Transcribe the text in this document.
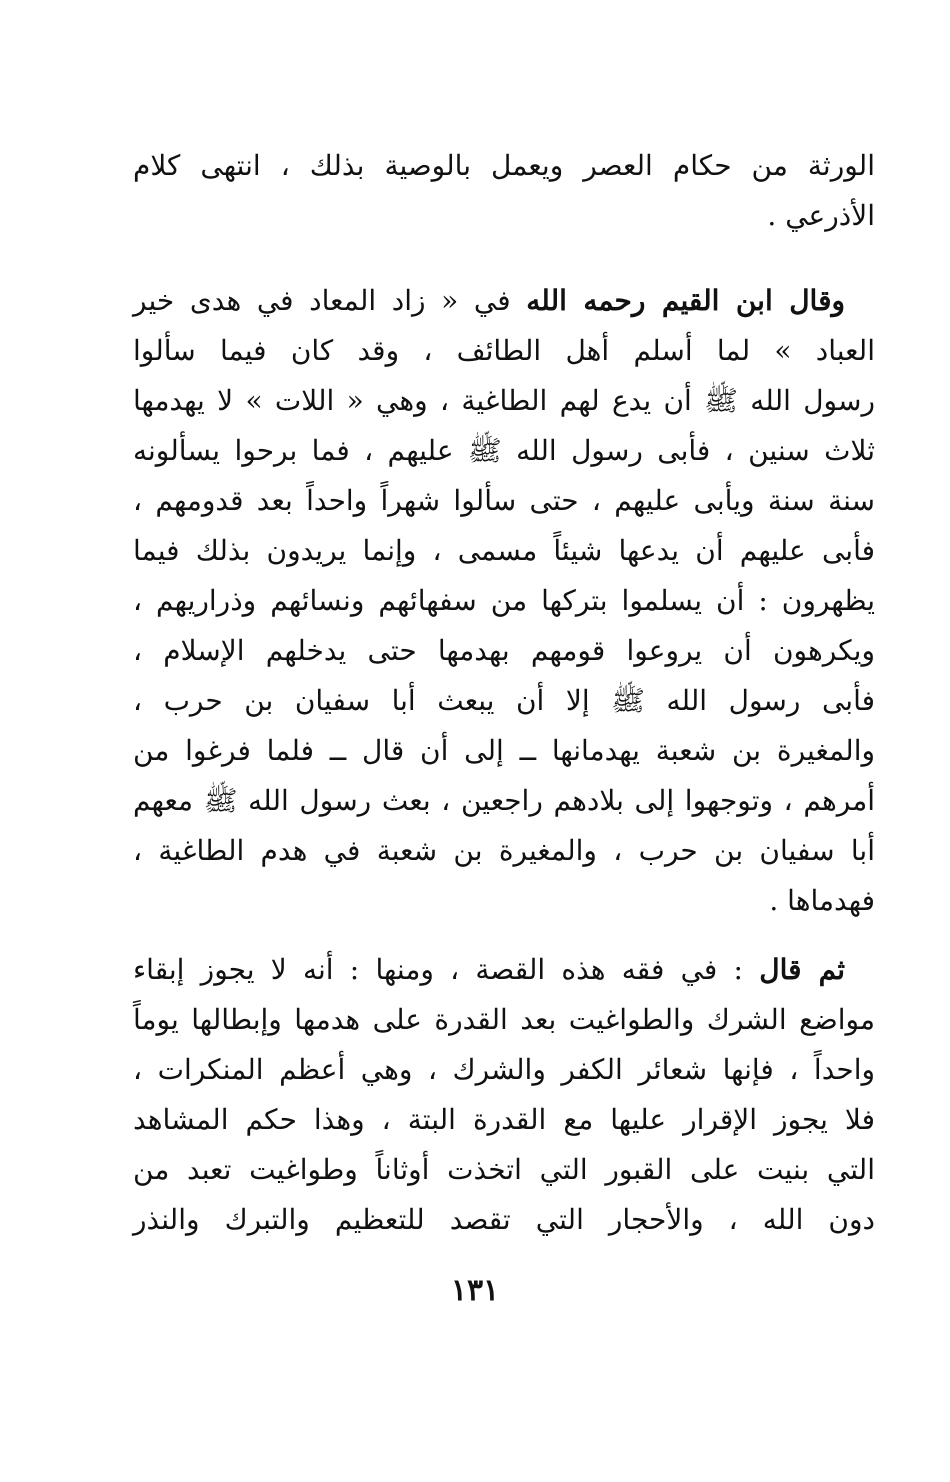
الورثة من حكام العصر ويعمل بالوصية بذلك ، انتهى كلام
الأذرعي .
وقال ابن القيم رحمه الله في « زاد المعاد في هدى خير
العباد » لما أسلم أهل الطائف ، وقد كان فيما سألوا
رسول الله ﷺ أن يدع لهم الطاغية ، وهي « اللات » لا يهدمها
ثلاث سنين ، فأبى رسول الله ﷺ عليهم ، فما برحوا يسألونه
سنة سنة ويأبى عليهم ، حتى سألوا شهراً واحداً بعد قدومهم ،
فأبى عليهم أن يدعها شيئاً مسمى ، وإنما يريدون بذلك فيما
يظهرون : أن يسلموا بتركها من سفهائهم ونسائهم وذراريهم ،
ويكرهون أن يروعوا قومهم بهدمها حتى يدخلهم الإسلام ،
فأبى رسول الله ﷺ إلا أن يبعث أبا سفيان بن حرب ،
والمغيرة بن شعبة يهدمانها ــ إلى أن قال ــ فلما فرغوا من
أمرهم ، وتوجهوا إلى بلادهم راجعين ، بعث رسول الله ﷺ معهم
أبا سفيان بن حرب ، والمغيرة بن شعبة في هدم الطاغية ،
فهدماها .
ثم قال : في فقه هذه القصة ، ومنها : أنه لا يجوز إبقاء
مواضع الشرك والطواغيت بعد القدرة على هدمها وإبطالها يوماً
واحداً ، فإنها شعائر الكفر والشرك ، وهي أعظم المنكرات ،
فلا يجوز الإقرار عليها مع القدرة البتة ، وهذا حكم المشاهد
التي بنيت على القبور التي اتخذت أوثاناً وطواغيت تعبد من
دون الله ، والأحجار التي تقصد للتعظيم والتبرك والنذر
١٣١
